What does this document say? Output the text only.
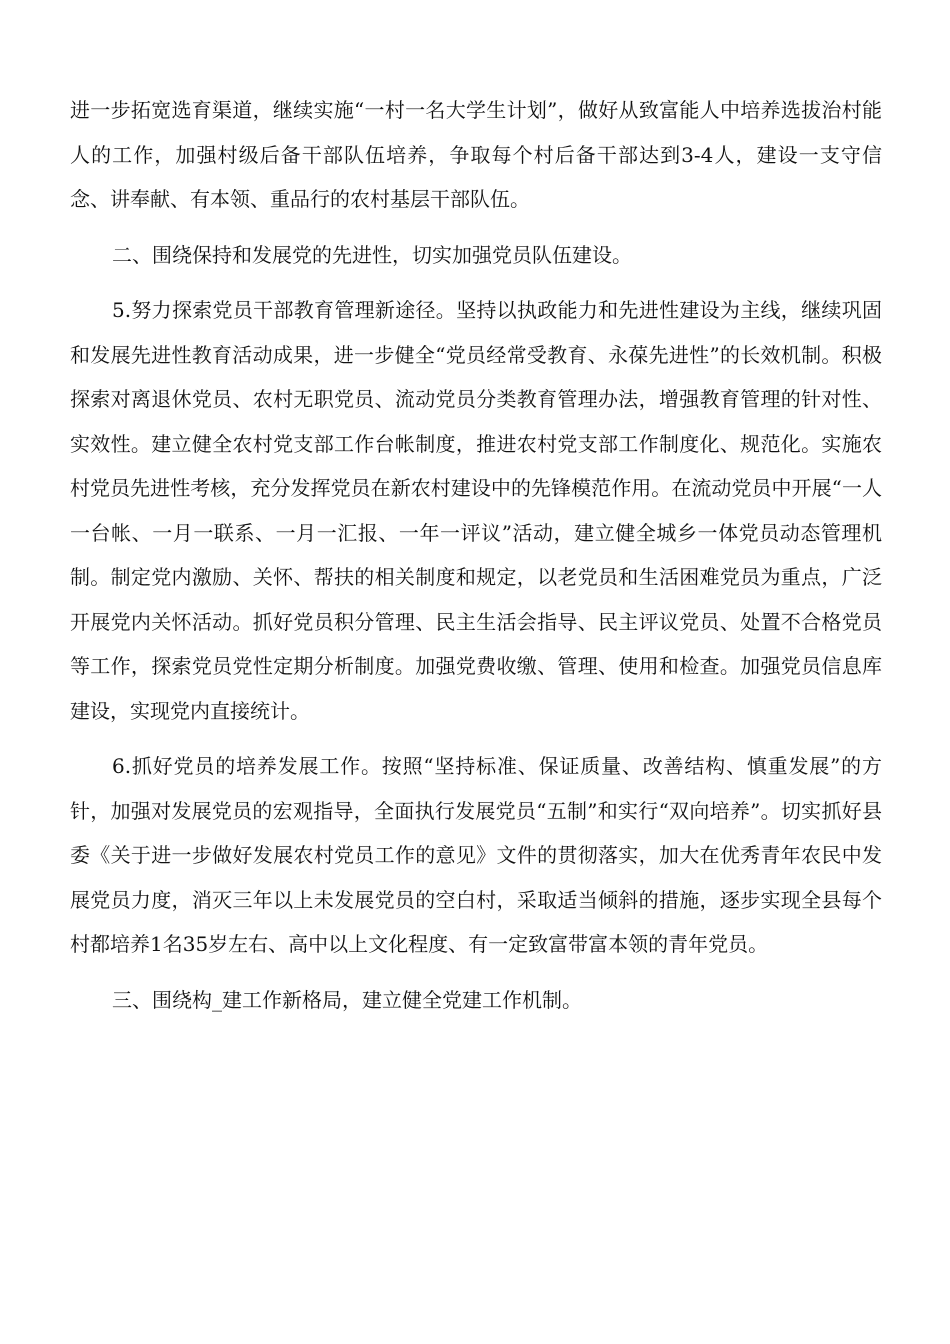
进一步拓宽选育渠道，继续实施“一村一名大学生计划”，做好从致富能人中培养选拔治村能人的工作，加强村级后备干部队伍培养，争取每个村后备干部达到3-4人，建设一支守信念、讲奉献、有本领、重品行的农村基层干部队伍。

二、围绕保持和发展党的先进性，切实加强党员队伍建设。

5.努力探索党员干部教育管理新途径。坚持以执政能力和先进性建设为主线，继续巩固和发展先进性教育活动成果，进一步健全“党员经常受教育、永葆先进性”的长效机制。积极探索对离退休党员、农村无职党员、流动党员分类教育管理办法，增强教育管理的针对性、实效性。建立健全农村党支部工作台帐制度，推进农村党支部工作制度化、规范化。实施农村党员先进性考核，充分发挥党员在新农村建设中的先锋模范作用。在流动党员中开展“一人一台帐、一月一联系、一月一汇报、一年一评议”活动，建立健全城乡一体党员动态管理机制。制定党内激励、关怀、帮扶的相关制度和规定，以老党员和生活困难党员为重点，广泛开展党内关怀活动。抓好党员积分管理、民主生活会指导、民主评议党员、处置不合格党员等工作，探索党员党性定期分析制度。加强党费收缴、管理、使用和检查。加强党员信息库建设，实现党内直接统计。

6.抓好党员的培养发展工作。按照“坚持标准、保证质量、改善结构、慎重发展”的方针，加强对发展党员的宏观指导，全面执行发展党员“五制”和实行“双向培养”。切实抓好县委《关于进一步做好发展农村党员工作的意见》文件的贯彻落实，加大在优秀青年农民中发展党员力度，消灭三年以上未发展党员的空白村，采取适当倾斜的措施，逐步实现全县每个村都培养1名35岁左右、高中以上文化程度、有一定致富带富本领的青年党员。

三、围绕构_建工作新格局，建立健全党建工作机制。
